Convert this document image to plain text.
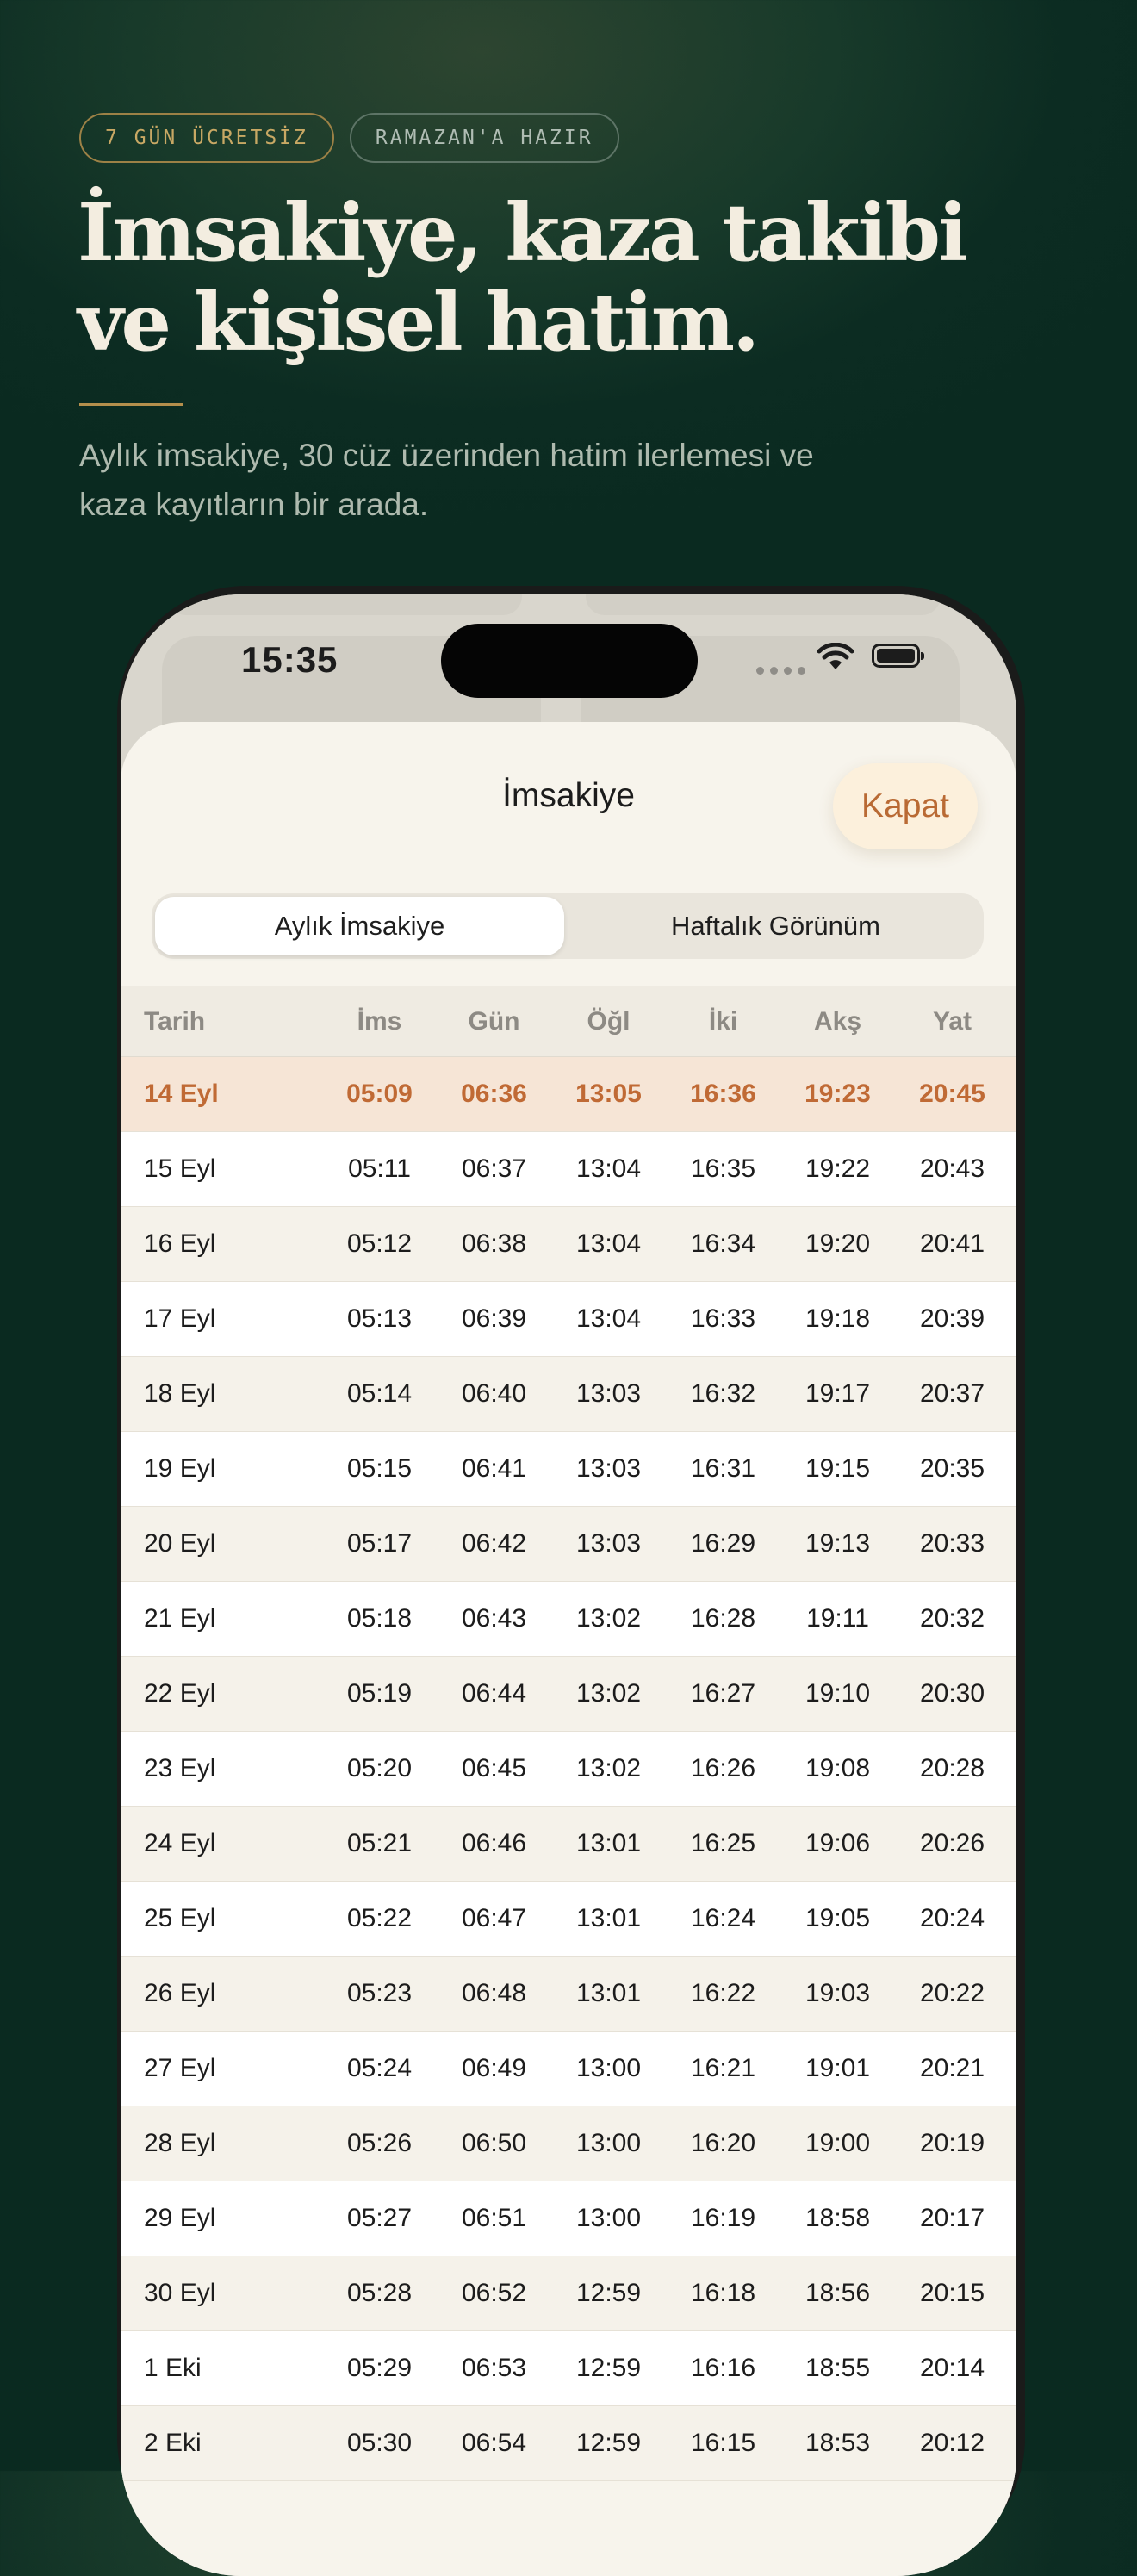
7 GÜN ÜCRETSİZ	RAMAZAN'A HAZIR
İmsakiye, kaza takibi
ve kişisel hatim.

Aylık imsakiye, 30 cüz üzerinden hatim ilerlemesi ve
kaza kayıtların bir arada.

15:35
İmsakiye	Kapat
Aylık İmsakiye	Haftalık Görünüm
Tarih	İms	Gün	Öğl	İki	Akş	Yat
14 Eyl	05:09	06:36	13:05	16:36	19:23	20:45
15 Eyl	05:11	06:37	13:04	16:35	19:22	20:43
16 Eyl	05:12	06:38	13:04	16:34	19:20	20:41
17 Eyl	05:13	06:39	13:04	16:33	19:18	20:39
18 Eyl	05:14	06:40	13:03	16:32	19:17	20:37
19 Eyl	05:15	06:41	13:03	16:31	19:15	20:35
20 Eyl	05:17	06:42	13:03	16:29	19:13	20:33
21 Eyl	05:18	06:43	13:02	16:28	19:11	20:32
22 Eyl	05:19	06:44	13:02	16:27	19:10	20:30
23 Eyl	05:20	06:45	13:02	16:26	19:08	20:28
24 Eyl	05:21	06:46	13:01	16:25	19:06	20:26
25 Eyl	05:22	06:47	13:01	16:24	19:05	20:24
26 Eyl	05:23	06:48	13:01	16:22	19:03	20:22
27 Eyl	05:24	06:49	13:00	16:21	19:01	20:21
28 Eyl	05:26	06:50	13:00	16:20	19:00	20:19
29 Eyl	05:27	06:51	13:00	16:19	18:58	20:17
30 Eyl	05:28	06:52	12:59	16:18	18:56	20:15
1 Eki	05:29	06:53	12:59	16:16	18:55	20:14
2 Eki	05:30	06:54	12:59	16:15	18:53	20:12
